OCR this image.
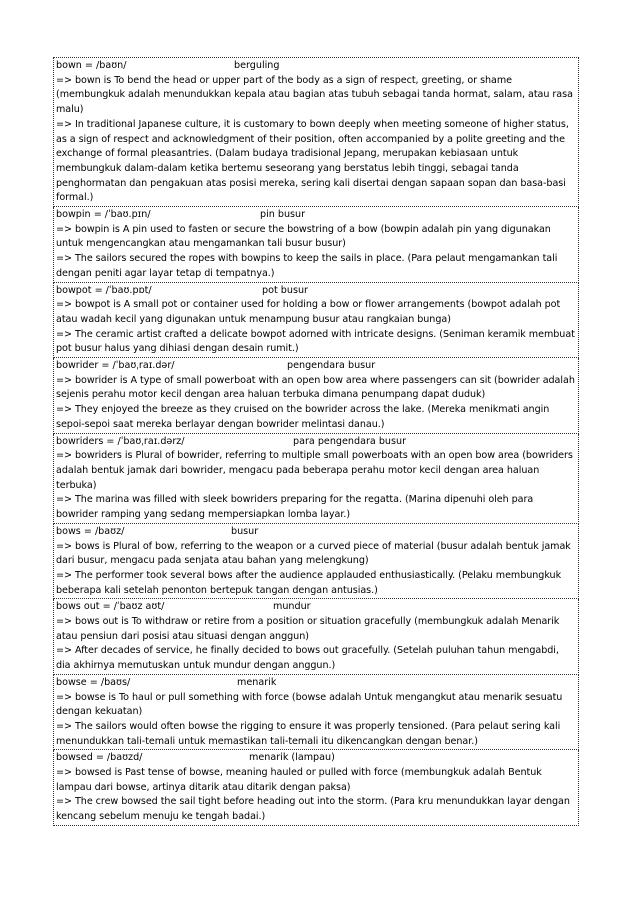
bown = /baʊn/	berguling
=> bown is To bend the head or upper part of the body as a sign of respect, greeting, or shame (membungkuk adalah menundukkan kepala atau bagian atas tubuh sebagai tanda hormat, salam, atau rasa malu)
=> In traditional Japanese culture, it is customary to bown deeply when meeting someone of higher status, as a sign of respect and acknowledgment of their position, often accompanied by a polite greeting and the exchange of formal pleasantries. (Dalam budaya tradisional Jepang, merupakan kebiasaan untuk membungkuk dalam-dalam ketika bertemu seseorang yang berstatus lebih tinggi, sebagai tanda penghormatan dan pengakuan atas posisi mereka, sering kali disertai dengan sapaan sopan dan basa-basi formal.)
bowpin = /ˈbaʊ.pɪn/	pin busur
=> bowpin is A pin used to fasten or secure the bowstring of a bow (bowpin adalah pin yang digunakan untuk mengencangkan atau mengamankan tali busur busur)
=> The sailors secured the ropes with bowpins to keep the sails in place. (Para pelaut mengamankan tali dengan peniti agar layar tetap di tempatnya.)
bowpot = /ˈbaʊ.pɒt/	pot busur
=> bowpot is A small pot or container used for holding a bow or flower arrangements (bowpot adalah pot atau wadah kecil yang digunakan untuk menampung busur atau rangkaian bunga)
=> The ceramic artist crafted a delicate bowpot adorned with intricate designs. (Seniman keramik membuat pot busur halus yang dihiasi dengan desain rumit.)
bowrider = /ˈbaʊˌraɪ.dər/	pengendara busur
=> bowrider is A type of small powerboat with an open bow area where passengers can sit (bowrider adalah sejenis perahu motor kecil dengan area haluan terbuka dimana penumpang dapat duduk)
=> They enjoyed the breeze as they cruised on the bowrider across the lake. (Mereka menikmati angin sepoi-sepoi saat mereka berlayar dengan bowrider melintasi danau.)
bowriders = /ˈbaʊˌraɪ.dərz/	para pengendara busur
=> bowriders is Plural of bowrider, referring to multiple small powerboats with an open bow area (bowriders adalah bentuk jamak dari bowrider, mengacu pada beberapa perahu motor kecil dengan area haluan terbuka)
=> The marina was filled with sleek bowriders preparing for the regatta. (Marina dipenuhi oleh para bowrider ramping yang sedang mempersiapkan lomba layar.)
bows = /baʊz/	busur
=> bows is Plural of bow, referring to the weapon or a curved piece of material (busur adalah bentuk jamak dari busur, mengacu pada senjata atau bahan yang melengkung)
=> The performer took several bows after the audience applauded enthusiastically. (Pelaku membungkuk beberapa kali setelah penonton bertepuk tangan dengan antusias.)
bows out = /ˈbaʊz aʊt/	mundur
=> bows out is To withdraw or retire from a position or situation gracefully (membungkuk adalah Menarik atau pensiun dari posisi atau situasi dengan anggun)
=> After decades of service, he finally decided to bows out gracefully. (Setelah puluhan tahun mengabdi, dia akhirnya memutuskan untuk mundur dengan anggun.)
bowse = /baʊs/	menarik
=> bowse is To haul or pull something with force (bowse adalah Untuk mengangkut atau menarik sesuatu dengan kekuatan)
=> The sailors would often bowse the rigging to ensure it was properly tensioned. (Para pelaut sering kali menundukkan tali-temali untuk memastikan tali-temali itu dikencangkan dengan benar.)
bowsed = /baʊzd/	menarik (lampau)
=> bowsed is Past tense of bowse, meaning hauled or pulled with force (membungkuk adalah Bentuk lampau dari bowse, artinya ditarik atau ditarik dengan paksa)
=> The crew bowsed the sail tight before heading out into the storm. (Para kru menundukkan layar dengan kencang sebelum menuju ke tengah badai.)
